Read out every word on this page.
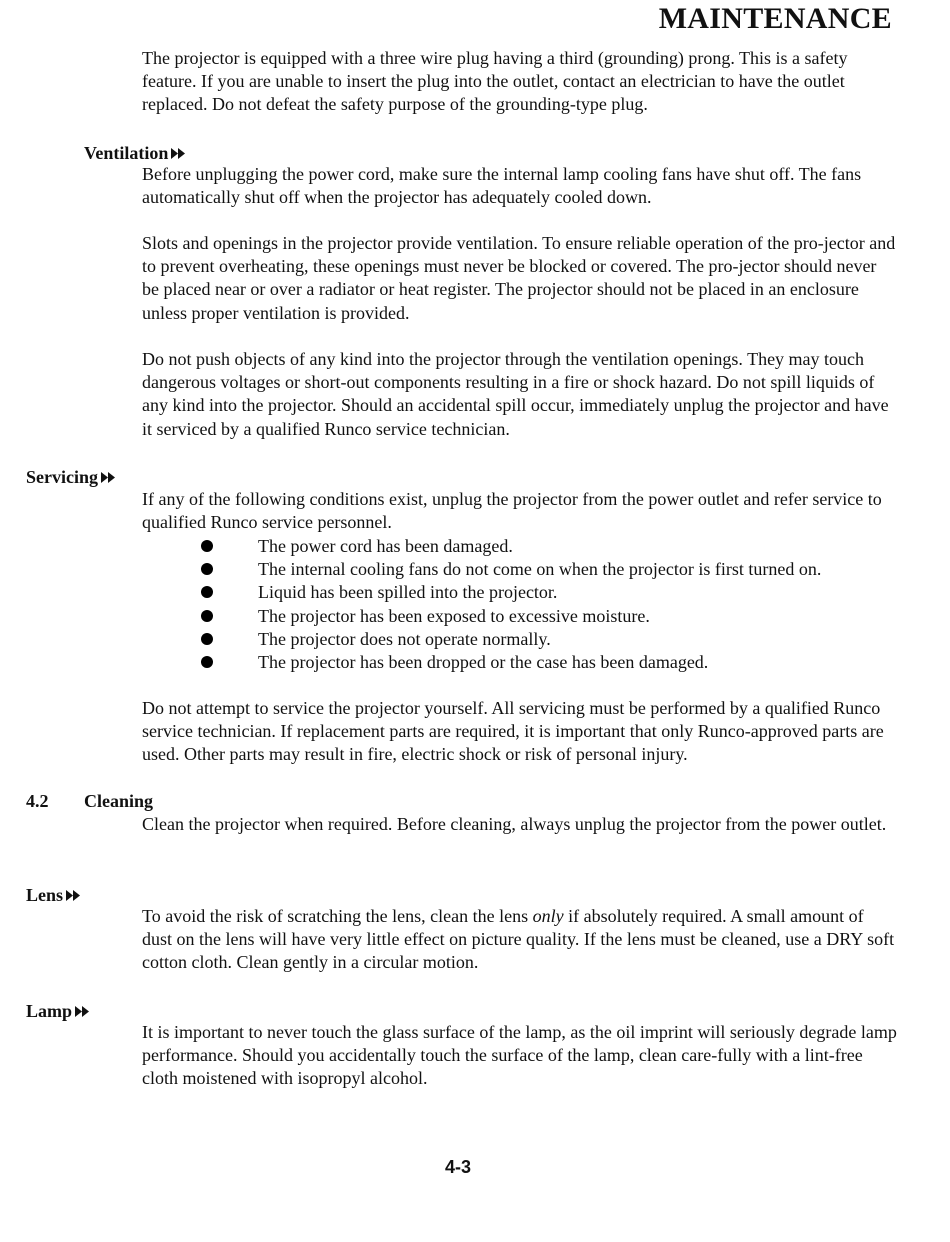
MAINTENANCE

The projector is equipped with a three wire plug having a third (grounding) prong. This is a safety feature. If you are unable to insert the plug into the outlet, contact an electrician to have the outlet replaced. Do not defeat the safety purpose of the grounding-type plug.

Ventilation

Before unplugging the power cord, make sure the internal lamp cooling fans have shut off. The fans automatically shut off when the projector has adequately cooled down.

Slots and openings in the projector provide ventilation. To ensure reliable operation of the pro-jector and to prevent overheating, these openings must never be blocked or covered. The pro-jector should never be placed near or over a radiator or heat register. The projector should not be placed in an enclosure unless proper ventilation is provided.

Do not push objects of any kind into the projector through the ventilation openings. They may touch dangerous voltages or short-out components resulting in a fire or shock hazard. Do not spill liquids of any kind into the projector. Should an accidental spill occur, immediately unplug the projector and have it serviced by a qualified Runco service technician.

Servicing

If any of the following conditions exist, unplug the projector from the power outlet and refer service to qualified Runco service personnel.

The power cord has been damaged.
The internal cooling fans do not come on when the projector is first turned on.
Liquid has been spilled into the projector.
The projector has been exposed to excessive moisture.
The projector does not operate normally.
The projector has been dropped or the case has been damaged.

Do not attempt to service the projector yourself. All servicing must be performed by a qualified Runco service technician. If replacement parts are required, it is important that only Runco-approved parts are used. Other parts may result in fire, electric shock or risk of personal injury.

4.2	Cleaning

Clean the projector when required. Before cleaning, always unplug the projector from the power outlet.

Lens

To avoid the risk of scratching the lens, clean the lens only if absolutely required. A small amount of dust on the lens will have very little effect on picture quality. If the lens must be cleaned, use a DRY soft cotton cloth. Clean gently in a circular motion.

Lamp

It is important to never touch the glass surface of the lamp, as the oil imprint will seriously degrade lamp performance. Should you accidentally touch the surface of the lamp, clean care-fully with a lint-free cloth moistened with isopropyl alcohol.

4-3
